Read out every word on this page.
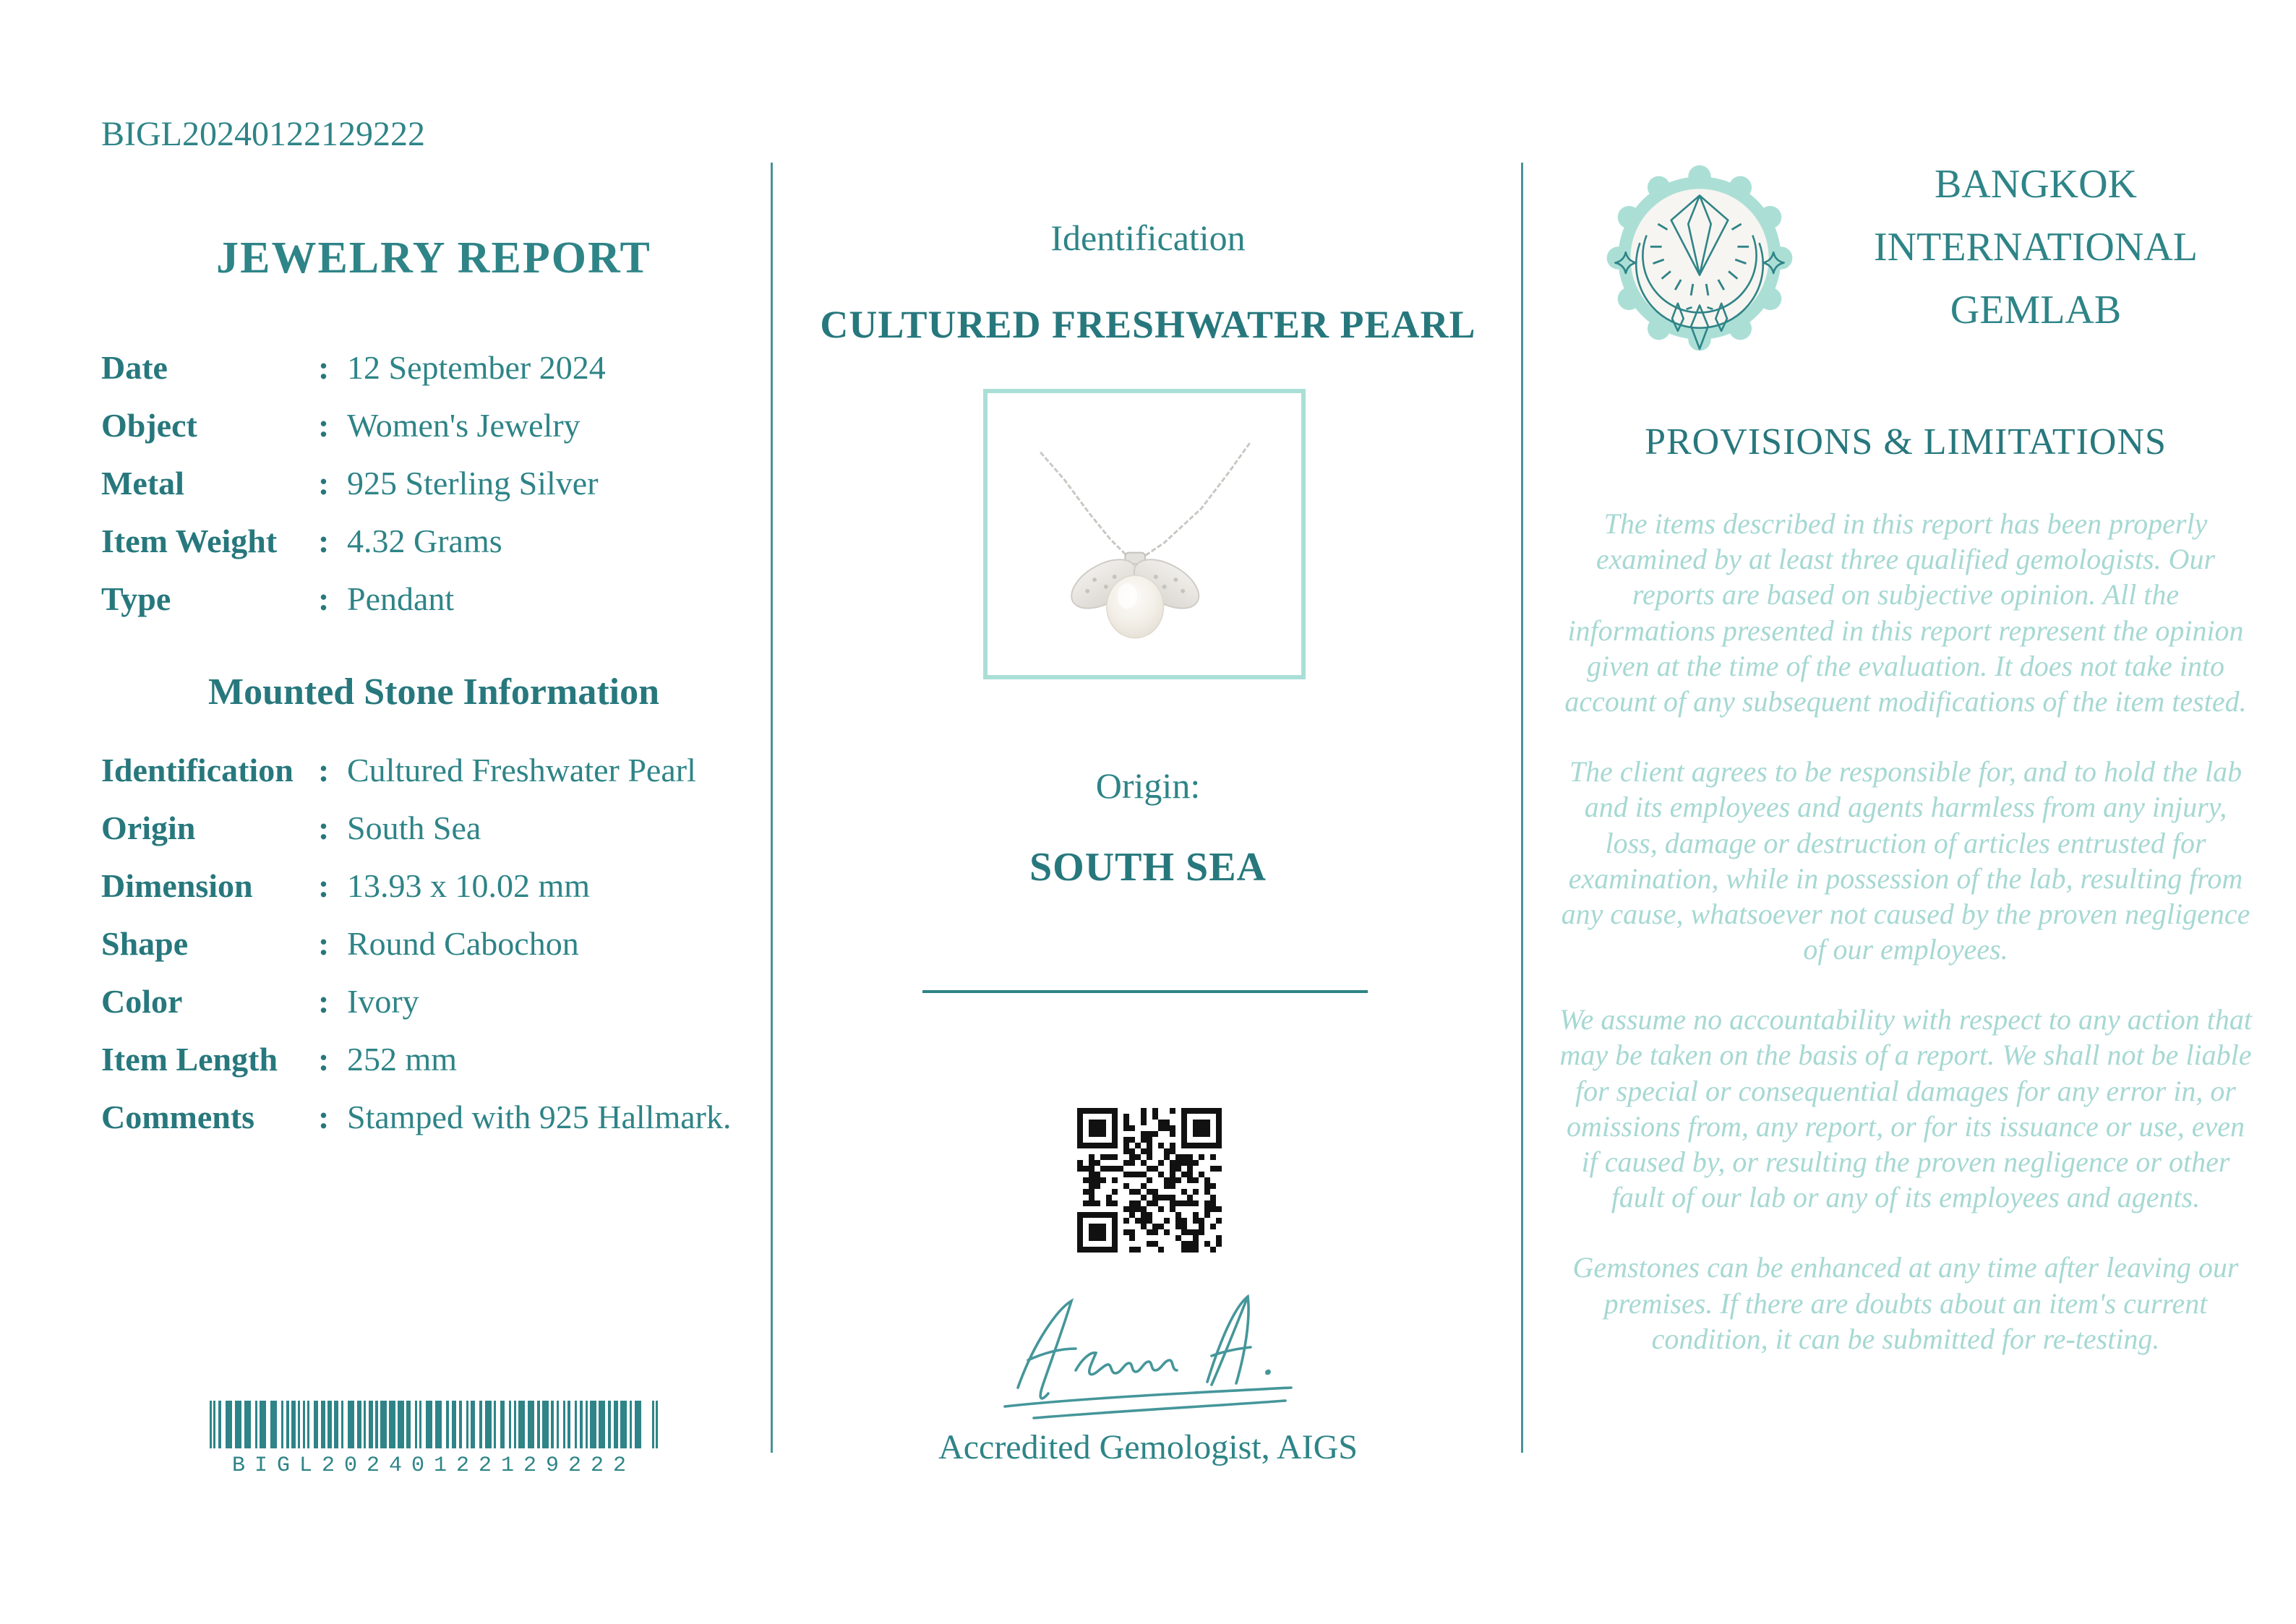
BIGL20240122129222
JEWELRY REPORT
Date	: 12 September 2024
Object	: Women's Jewelry
Metal	: 925 Sterling Silver
Item Weight	: 4.32 Grams
Type	: Pendant
Mounted Stone Information
Identification : Cultured Freshwater Pearl
Origin	: South Sea
Dimension	: 13.93 x 10.02 mm
Shape	: Round Cabochon
Color	: Ivory
Item Length	: 252 mm
Comments	: Stamped with 925 Hallmark.
BIGL20240122129222
Identification
CULTURED FRESHWATER PEARL
Origin:
SOUTH SEA
Accredited Gemologist, AIGS
BANGKOK
INTERNATIONAL
GEMLAB
PROVISIONS & LIMITATIONS

The items described in this report has been properly examined by at least three qualified gemologists. Our reports are based on subjective opinion. All the informations presented in this report represent the opinion given at the time of the evaluation. It does not take into account of any subsequent modifications of the item tested.

The client agrees to be responsible for, and to hold the lab and its employees and agents harmless from any injury, loss, damage or destruction of articles entrusted for examination, while in possession of the lab, resulting from any cause, whatsoever not caused by the proven negligence of our employees.

We assume no accountability with respect to any action that may be taken on the basis of a report. We shall not be liable for special or consequential damages for any error in, or omissions from, any report, or for its issuance or use, even if caused by, or resulting the proven negligence or other fault of our lab or any of its employees and agents.

Gemstones can be enhanced at any time after leaving our premises. If there are doubts about an item's current condition, it can be submitted for re-testing.
